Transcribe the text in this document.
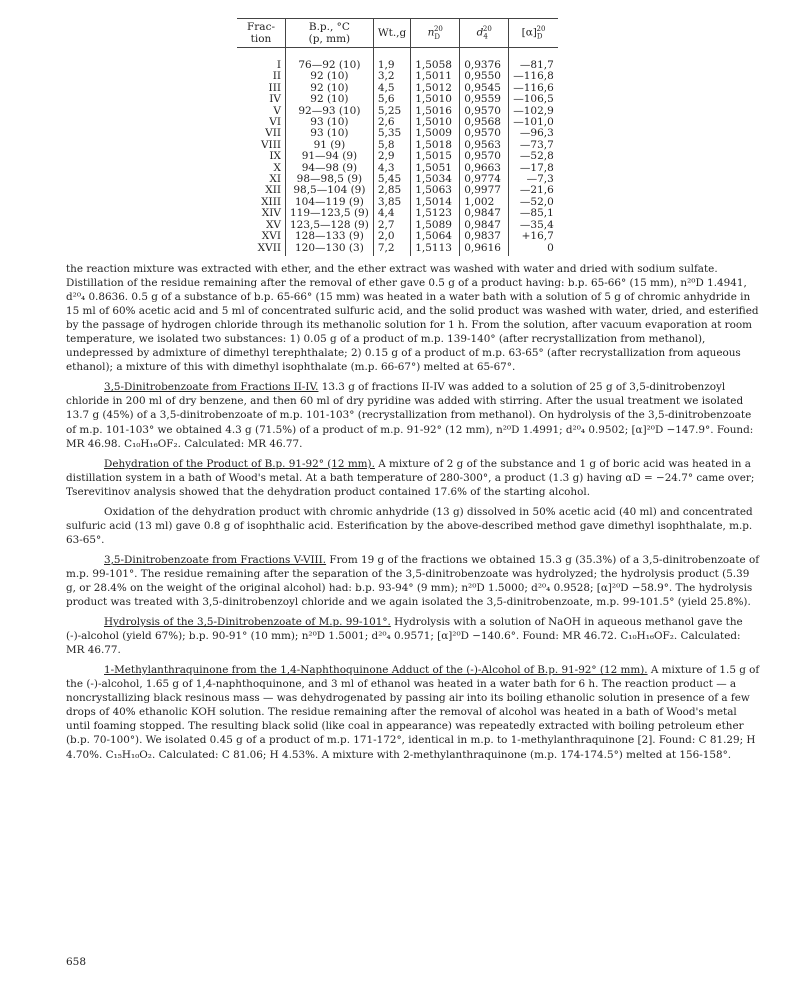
Frac-
tion	B.p., °C
(p, mm)	Wt.,g	$n_D^{20}$	$d_4^{20}$	$[\alpha]_D^{20}$
I	76—92 (10)	1,9	1,5058	0,9376	—81,7
II	92 (10)	3,2	1,5011	0,9550	—116,8
III	92 (10)	4,5	1,5012	0,9545	—116,6
IV	92 (10)	5,6	1,5010	0,9559	—106,5
V	92—93 (10)	5,25	1,5016	0,9570	—102,9
VI	93 (10)	2,6	1,5010	0,9568	—101,0
VII	93 (10)	5,35	1,5009	0,9570	—96,3
VIII	91 (9)	5,8	1,5018	0,9563	—73,7
IX	91—94 (9)	2,9	1,5015	0,9570	—52,8
X	94—98 (9)	4,3	1,5051	0,9663	—17,8
XI	98—98,5 (9)	5,45	1,5034	0,9774	—7,3
XII	98,5—104 (9)	2,85	1,5063	0,9977	—21,6
XIII	104—119 (9)	3,85	1,5014	1,002	—52,0
XIV	119—123,5 (9)	4,4	1,5123	0,9847	—85,1
XV	123,5—128 (9)	2,7	1,5089	0,9847	—35,4
XVI	128—133 (9)	2,0	1,5064	0,9837	+16,7
XVII	120—130 (3)	7,2	1,5113	0,9616	0

the reaction mixture was extracted with ether, and the ether extract was washed with water and dried with sodium sulfate. Distillation of the residue remaining after the removal of ether gave 0.5 g of a product having: b.p. 65-66° (15 mm), n²⁰D 1.4941, d²⁰₄ 0.8636. 0.5 g of a substance of b.p. 65-66° (15 mm) was heated in a water bath with a solution of 5 g of chromic anhydride in 15 ml of 60% acetic acid and 5 ml of concentrated sulfuric acid, and the solid product was washed with water, dried, and esterified by the passage of hydrogen chloride through its methanolic solution for 1 h. From the solution, after vacuum evaporation at room temperature, we isolated two substances: 1) 0.05 g of a product of m.p. 139-140° (after recrystallization from methanol), undepressed by admixture of dimethyl terephthalate; 2) 0.15 g of a product of m.p. 63-65° (after recrystallization from aqueous ethanol); a mixture of this with dimethyl isophthalate (m.p. 66-67°) melted at 65-67°.

3,5-Dinitrobenzoate from Fractions II-IV. 13.3 g of fractions II-IV was added to a solution of 25 g of 3,5-dinitrobenzoyl chloride in 200 ml of dry benzene, and then 60 ml of dry pyridine was added with stirring. After the usual treatment we isolated 13.7 g (45%) of a 3,5-dinitrobenzoate of m.p. 101-103° (recrystallization from methanol). On hydrolysis of the 3,5-dinitrobenzoate of m.p. 101-103° we obtained 4.3 g (71.5%) of a product of m.p. 91-92° (12 mm), n²⁰D 1.4991; d²⁰₄ 0.9502; [α]²⁰D −147.9°. Found: MR 46.98. C₁₀H₁₆OF₂. Calculated: MR 46.77.

Dehydration of the Product of B.p. 91-92° (12 mm). A mixture of 2 g of the substance and 1 g of boric acid was heated in a distillation system in a bath of Wood's metal. At a bath temperature of 280-300°, a product (1.3 g) having αD = −24.7° came over; Tserevitinov analysis showed that the dehydration product contained 17.6% of the starting alcohol.

Oxidation of the dehydration product with chromic anhydride (13 g) dissolved in 50% acetic acid (40 ml) and concentrated sulfuric acid (13 ml) gave 0.8 g of isophthalic acid. Esterification by the above-described method gave dimethyl isophthalate, m.p. 63-65°.

3,5-Dinitrobenzoate from Fractions V-VIII. From 19 g of the fractions we obtained 15.3 g (35.3%) of a 3,5-dinitrobenzoate of m.p. 99-101°. The residue remaining after the separation of the 3,5-dinitrobenzoate was hydrolyzed; the hydrolysis product (5.39 g, or 28.4% on the weight of the original alcohol) had: b.p. 93-94° (9 mm); n²⁰D 1.5000; d²⁰₄ 0.9528; [α]²⁰D −58.9°. The hydrolysis product was treated with 3,5-dinitrobenzoyl chloride and we again isolated the 3,5-dinitrobenzoate, m.p. 99-101.5° (yield 25.8%).

Hydrolysis of the 3,5-Dinitrobenzoate of M.p. 99-101°. Hydrolysis with a solution of NaOH in aqueous methanol gave the (-)-alcohol (yield 67%); b.p. 90-91° (10 mm); n²⁰D 1.5001; d²⁰₄ 0.9571; [α]²⁰D −140.6°. Found: MR 46.72. C₁₀H₁₆OF₂. Calculated: MR 46.77.

1-Methylanthraquinone from the 1,4-Naphthoquinone Adduct of the (-)-Alcohol of B.p. 91-92° (12 mm). A mixture of 1.5 g of the (-)-alcohol, 1.65 g of 1,4-naphthoquinone, and 3 ml of ethanol was heated in a water bath for 6 h. The reaction product — a noncrystallizing black resinous mass — was dehydrogenated by passing air into its boiling ethanolic solution in presence of a few drops of 40% ethanolic KOH solution. The residue remaining after the removal of alcohol was heated in a bath of Wood's metal until foaming stopped. The resulting black solid (like coal in appearance) was repeatedly extracted with boiling petroleum ether (b.p. 70-100°). We isolated 0.45 g of a product of m.p. 171-172°, identical in m.p. to 1-methylanthraquinone [2]. Found: C 81.29; H 4.70%. C₁₅H₁₀O₂. Calculated: C 81.06; H 4.53%. A mixture with 2-methylanthraquinone (m.p. 174-174.5°) melted at 156-158°.

658
